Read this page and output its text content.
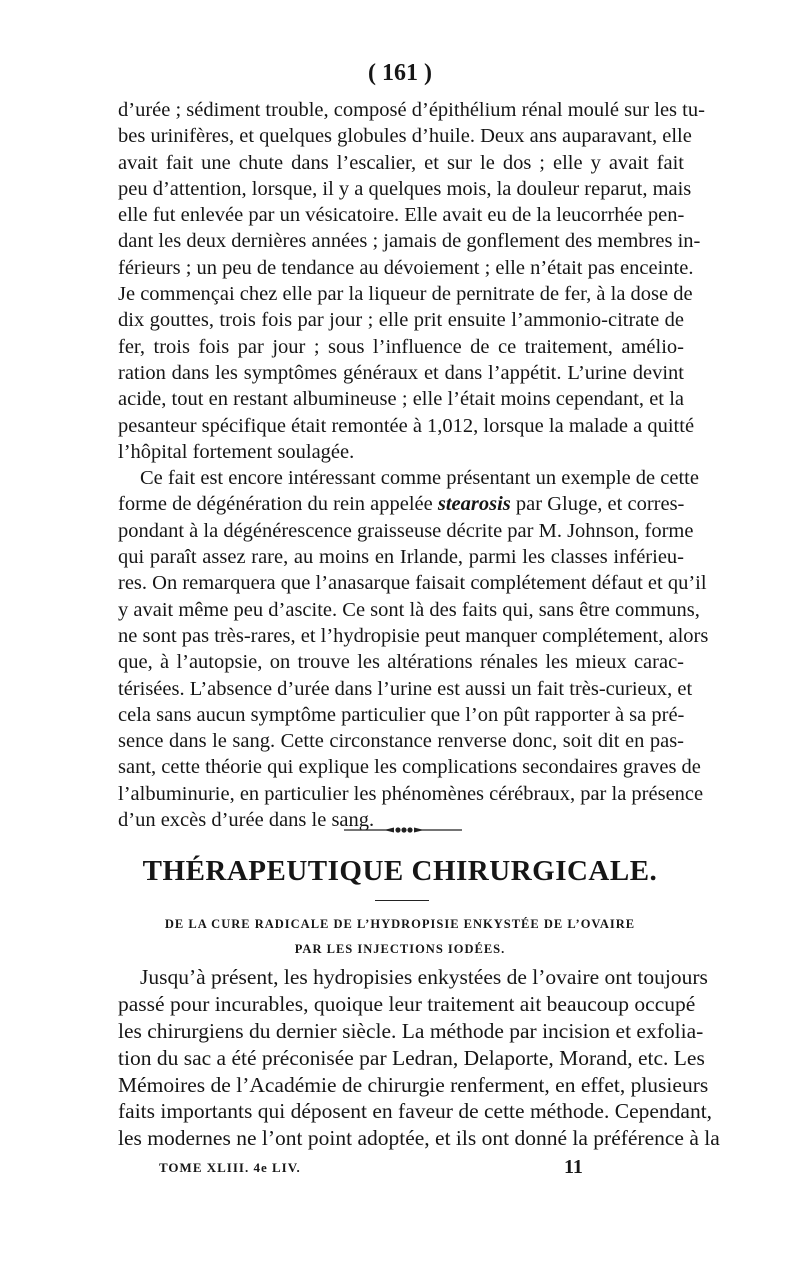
( 161 )
d’urée ; sédiment trouble, composé d’épithélium rénal moulé sur les tu-
bes urinifères, et quelques globules d’huile. Deux ans auparavant, elle
avait fait une chute dans l’escalier, et sur le dos ; elle y avait fait
peu d’attention, lorsque, il y a quelques mois, la douleur reparut, mais
elle fut enlevée par un vésicatoire. Elle avait eu de la leucorrhée pen-
dant les deux dernières années ; jamais de gonflement des membres in-
férieurs ; un peu de tendance au dévoiement ; elle n’était pas enceinte.
Je commençai chez elle par la liqueur de pernitrate de fer, à la dose de
dix gouttes, trois fois par jour ; elle prit ensuite l’ammonio-citrate de
fer, trois fois par jour ; sous l’influence de ce traitement, amélio-
ration dans les symptômes généraux et dans l’appétit. L’urine devint
acide, tout en restant albumineuse ; elle l’était moins cependant, et la
pesanteur spécifique était remontée à 1,012, lorsque la malade a quitté
l’hôpital fortement soulagée.
Ce fait est encore intéressant comme présentant un exemple de cette
forme de dégénération du rein appelée stearosis par Gluge, et corres-
pondant à la dégénérescence graisseuse décrite par M. Johnson, forme
qui paraît assez rare, au moins en Irlande, parmi les classes inférieu-
res. On remarquera que l’anasarque faisait complétement défaut et qu’il
y avait même peu d’ascite. Ce sont là des faits qui, sans être communs,
ne sont pas très-rares, et l’hydropisie peut manquer complétement, alors
que, à l’autopsie, on trouve les altérations rénales les mieux carac-
térisées. L’absence d’urée dans l’urine est aussi un fait très-curieux, et
cela sans aucun symptôme particulier que l’on pût rapporter à sa pré-
sence dans le sang. Cette circonstance renverse donc, soit dit en pas-
sant, cette théorie qui explique les complications secondaires graves de
l’albuminurie, en particulier les phénomènes cérébraux, par la présence
d’un excès d’urée dans le sang.
THÉRAPEUTIQUE CHIRURGICALE.
DE LA CURE RADICALE DE L’HYDROPISIE ENKYSTÉE DE L’OVAIRE
PAR LES INJECTIONS IODÉES.
Jusqu’à présent, les hydropisies enkystées de l’ovaire ont toujours
passé pour incurables, quoique leur traitement ait beaucoup occupé
les chirurgiens du dernier siècle. La méthode par incision et exfolia-
tion du sac a été préconisée par Ledran, Delaporte, Morand, etc. Les
Mémoires de l’Académie de chirurgie renferment, en effet, plusieurs
faits importants qui déposent en faveur de cette méthode. Cependant,
les modernes ne l’ont point adoptée, et ils ont donné la préférence à la
TOME XLIII. 4e LIV.	11
